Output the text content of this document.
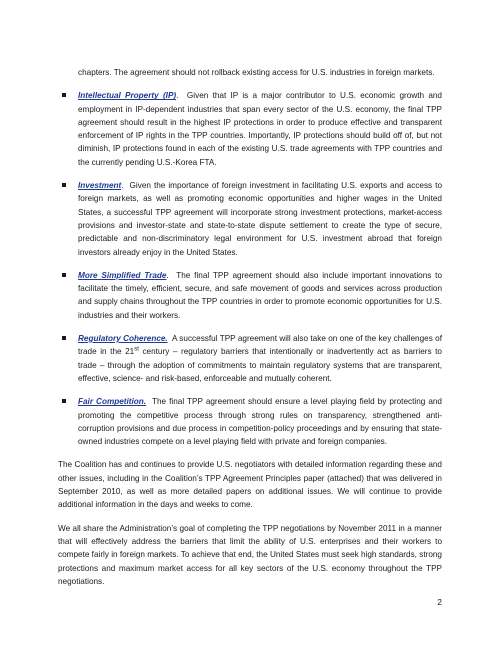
chapters. The agreement should not rollback existing access for U.S. industries in foreign markets.

Intellectual Property (IP).  Given that IP is a major contributor to U.S. economic growth and employment in IP-dependent industries that span every sector of the U.S. economy, the final TPP agreement should result in the highest IP protections in order to produce effective and transparent enforcement of IP rights in the TPP countries. Importantly, IP protections should build off of, but not diminish, IP protections found in each of the existing U.S. trade agreements with TPP countries and the currently pending U.S.-Korea FTA.
Investment.  Given the importance of foreign investment in facilitating U.S. exports and access to foreign markets, as well as promoting economic opportunities and higher wages in the United States, a successful TPP agreement will incorporate strong investment protections, market-access provisions and investor-state and state-to-state dispute settlement to create the type of secure, predictable and non-discriminatory legal environment for U.S. investment abroad that foreign investors already enjoy in the United States.
More Simplified Trade.  The final TPP agreement should also include important innovations to facilitate the timely, efficient, secure, and safe movement of goods and services across production and supply chains throughout the TPP countries in order to promote economic opportunities for U.S. industries and their workers.
Regulatory Coherence. A successful TPP agreement will also take on one of the key challenges of trade in the 21st century – regulatory barriers that intentionally or inadvertently act as barriers to trade – through the adoption of commitments to maintain regulatory systems that are transparent, effective, science- and risk-based, enforceable and mutually coherent.
Fair Competition. The final TPP agreement should ensure a level playing field by protecting and promoting the competitive process through strong rules on transparency, strengthened anti-corruption provisions and due process in competition-policy proceedings and by ensuring that state-owned industries compete on a level playing field with private and foreign companies.

The Coalition has and continues to provide U.S. negotiators with detailed information regarding these and other issues, including in the Coalition’s TPP Agreement Principles paper (attached) that was delivered in September 2010, as well as more detailed papers on additional issues. We will continue to provide additional information in the days and weeks to come.

We all share the Administration’s goal of completing the TPP negotiations by November 2011 in a manner that will effectively address the barriers that limit the ability of U.S. enterprises and their workers to compete fairly in foreign markets. To achieve that end, the United States must seek high standards, strong protections and maximum market access for all key sectors of the U.S. economy throughout the TPP negotiations.

2
